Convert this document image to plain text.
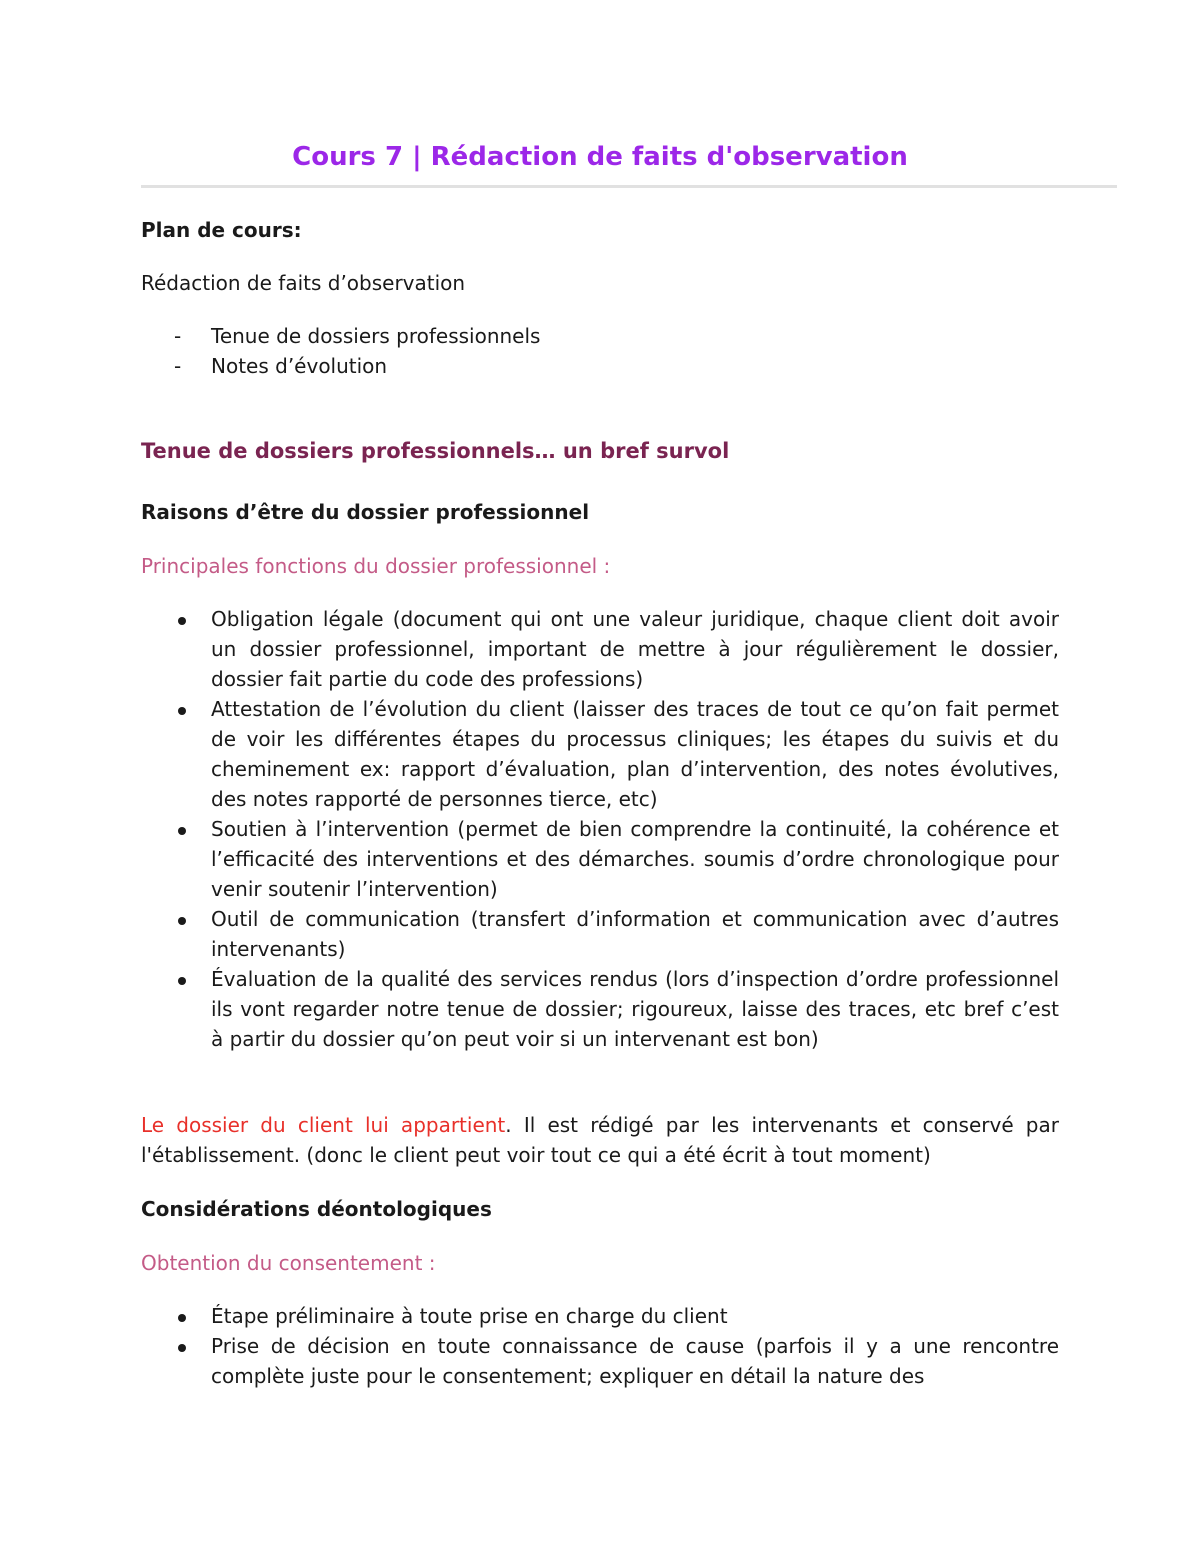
Cours 7 | Rédaction de faits d'observation

Plan de cours:

Rédaction de faits d’observation

- Tenue de dossiers professionnels
- Notes d’évolution

Tenue de dossiers professionnels… un bref survol

Raisons d’être du dossier professionnel

Principales fonctions du dossier professionnel :

Obligation légale (document qui ont une valeur juridique, chaque client doit avoir un dossier professionnel, important de mettre à jour régulièrement le dossier, dossier fait partie du code des professions)
Attestation de l’évolution du client (laisser des traces de tout ce qu’on fait permet de voir les différentes étapes du processus cliniques; les étapes du suivis et du cheminement ex: rapport d’évaluation, plan d’intervention, des notes évolutives, des notes rapporté de personnes tierce, etc)
Soutien à l’intervention (permet de bien comprendre la continuité, la cohérence et l’efficacité des interventions et des démarches. soumis d’ordre chronologique pour venir soutenir l’intervention)
Outil de communication (transfert d’information et communication avec d’autres intervenants)
Évaluation de la qualité des services rendus (lors d’inspection d’ordre professionnel ils vont regarder notre tenue de dossier; rigoureux, laisse des traces, etc bref c’est à partir du dossier qu’on peut voir si un intervenant est bon)

Le dossier du client lui appartient. Il est rédigé par les intervenants et conservé par l'établissement. (donc le client peut voir tout ce qui a été écrit à tout moment)

Considérations déontologiques

Obtention du consentement :

Étape préliminaire à toute prise en charge du client
Prise de décision en toute connaissance de cause (parfois il y a une rencontre complète juste pour le consentement; expliquer en détail la nature des
